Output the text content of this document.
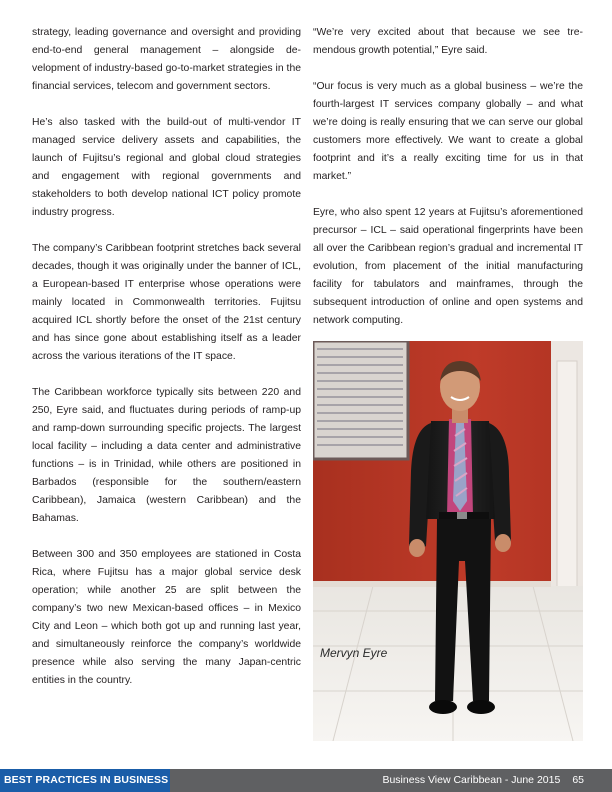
strategy, leading governance and oversight and providing end-to-end general management – alongside development of industry-based go-to-market strategies in the financial services, telecom and government sectors.

He’s also tasked with the build-out of multi-vendor IT managed service delivery assets and capabilities, the launch of Fujitsu’s regional and global cloud strategies and engagement with regional governments and stakeholders to both develop national ICT policy promote industry progress.

The company’s Caribbean footprint stretches back several decades, though it was originally under the banner of ICL, a European-based IT enterprise whose operations were mainly located in Commonwealth territories. Fujitsu acquired ICL shortly before the onset of the 21st century and has since gone about establishing itself as a leader across the various iterations of the IT space.

The Caribbean workforce typically sits between 220 and 250, Eyre said, and fluctuates during periods of ramp-up and ramp-down surrounding specific projects. The largest local facility – including a data center and administrative functions – is in Trinidad, while others are positioned in Barbados (responsible for the southern/eastern Caribbean), Jamaica (western Caribbean) and the Bahamas.

Between 300 and 350 employees are stationed in Costa Rica, where Fujitsu has a major global service desk operation; while another 25 are split between the company’s two new Mexican-based offices – in Mexico City and Leon – which both got up and running last year, and simultaneously reinforce the company’s worldwide presence while also serving the many Japan-centric entities in the country.

“We’re very excited about that because we see tremendous growth potential,” Eyre said.

“Our focus is very much as a global business – we’re the fourth-largest IT services company globally – and what we’re doing is really ensuring that we can serve our global customers more effectively. We want to create a global footprint and it’s a really exciting time for us in that market.”

Eyre, who also spent 12 years at Fujitsu’s aforementioned precursor – ICL – said operational fingerprints have been all over the Caribbean region’s gradual and incremental IT evolution, from placement of the initial manufacturing facility for tabulators and mainframes, through the subsequent introduction of online and open systems and network computing.

Mervyn Eyre
BEST PRACTICES IN BUSINESS	Business View Caribbean - June 2015 65
